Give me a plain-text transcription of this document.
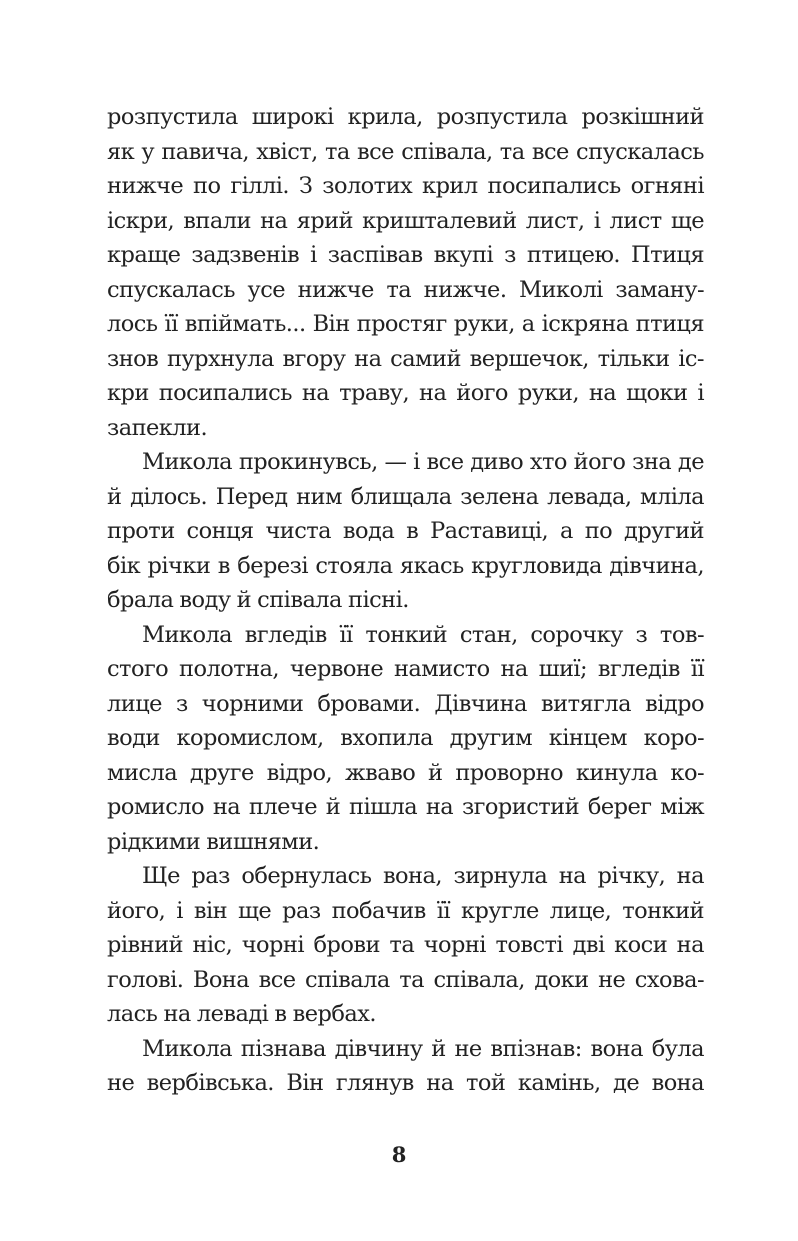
розпустила широкі крила, розпустила розкішний
як у павича, хвіст, та все співала, та все спускалась
нижче по гіллі. З золотих крил посипались огняні
іскри, впали на ярий кришталевий лист, і лист ще
краще задзвенів і заспівав вкупі з птицею. Птиця
спускалась усе нижче та нижче. Миколі заману-
лось її впіймать... Він простяг руки, а іскряна птиця
знов пурхнула вгору на самий вершечок, тільки іс-
кри посипались на траву, на його руки, на щоки і
запекли.
Микола прокинувсь, — і все диво хто його зна де
й ділось. Перед ним блищала зелена левада, мліла
проти сонця чиста вода в Раставиці, а по другий
бік річки в березі стояла якась кругловида дівчина,
брала воду й співала пісні.
Микола вгледів її тонкий стан, сорочку з тов-
стого полотна, червоне намисто на шиї; вгледів її
лице з чорними бровами. Дівчина витягла відро
води коромислом, вхопила другим кінцем коро-
мисла друге відро, жваво й проворно кинула ко-
ромисло на плече й пішла на згористий берег між
рідкими вишнями.
Ще раз обернулась вона, зирнула на річку, на
його, і він ще раз побачив її кругле лице, тонкий
рівний ніс, чорні брови та чорні товсті дві коси на
голові. Вона все співала та співала, доки не схова-
лась на леваді в вербах.
Микола пізнава дівчину й не впізнав: вона була
не вербівська. Він глянув на той камінь, де вона
8
